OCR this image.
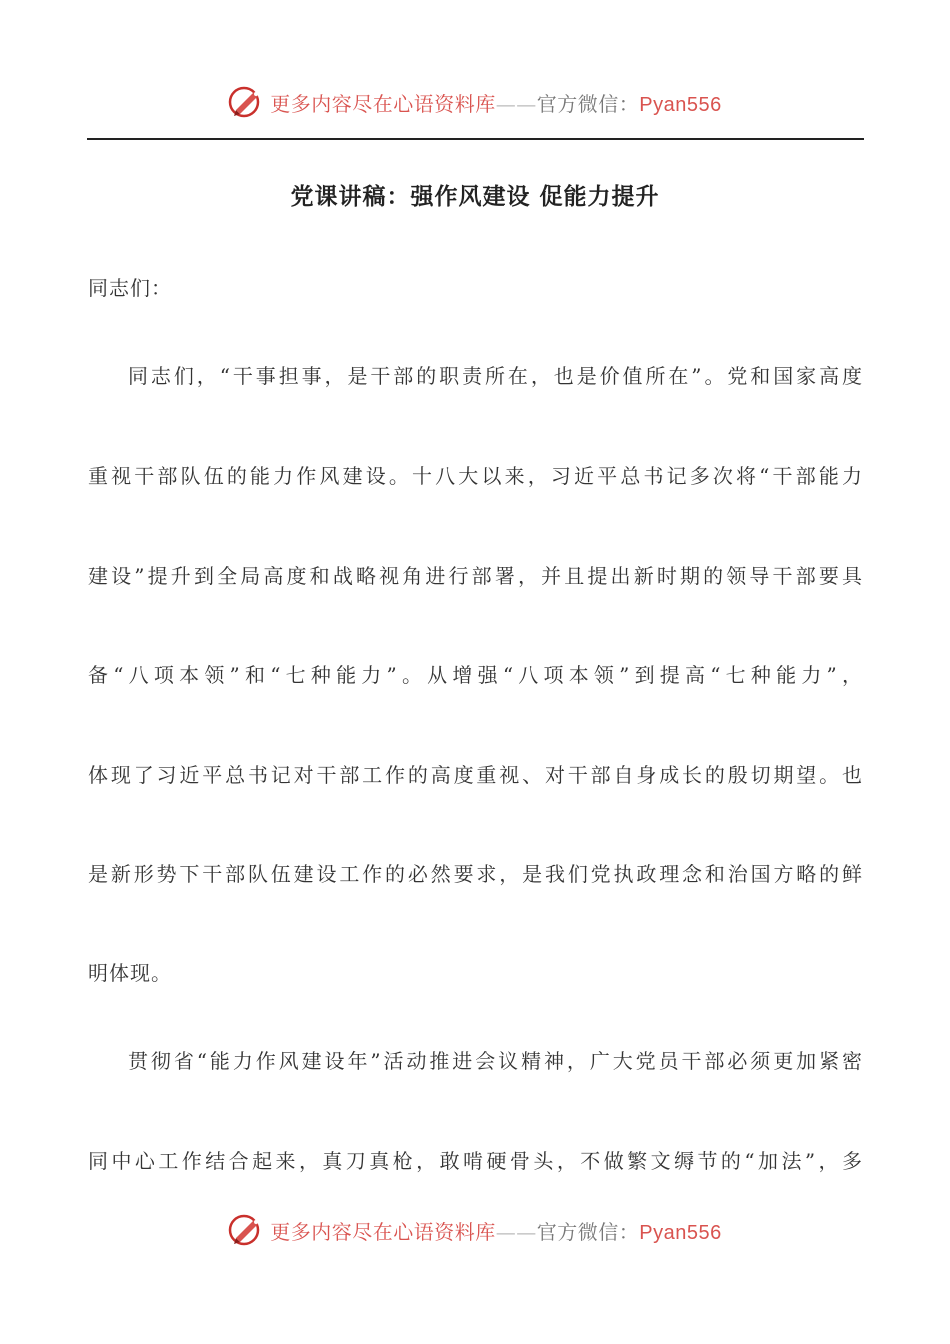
更多内容尽在心语资料库——官方微信：Pyan556
党课讲稿：强作风建设 促能力提升
同志们：
同志们，“干事担事，是干部的职责所在，也是价值所在”。党和国家高度
重视干部队伍的能力作风建设。十八大以来，习近平总书记多次将“干部能力
建设”提升到全局高度和战略视角进行部署，并且提出新时期的领导干部要具
备“八项本领”和“七种能力”。从增强“八项本领”到提高“七种能力”，
体现了习近平总书记对干部工作的高度重视、对干部自身成长的殷切期望。也
是新形势下干部队伍建设工作的必然要求，是我们党执政理念和治国方略的鲜
明体现。
贯彻省“能力作风建设年”活动推进会议精神，广大党员干部必须更加紧密
同中心工作结合起来，真刀真枪，敢啃硬骨头，不做繁文缛节的“加法”，多
更多内容尽在心语资料库——官方微信：Pyan556
